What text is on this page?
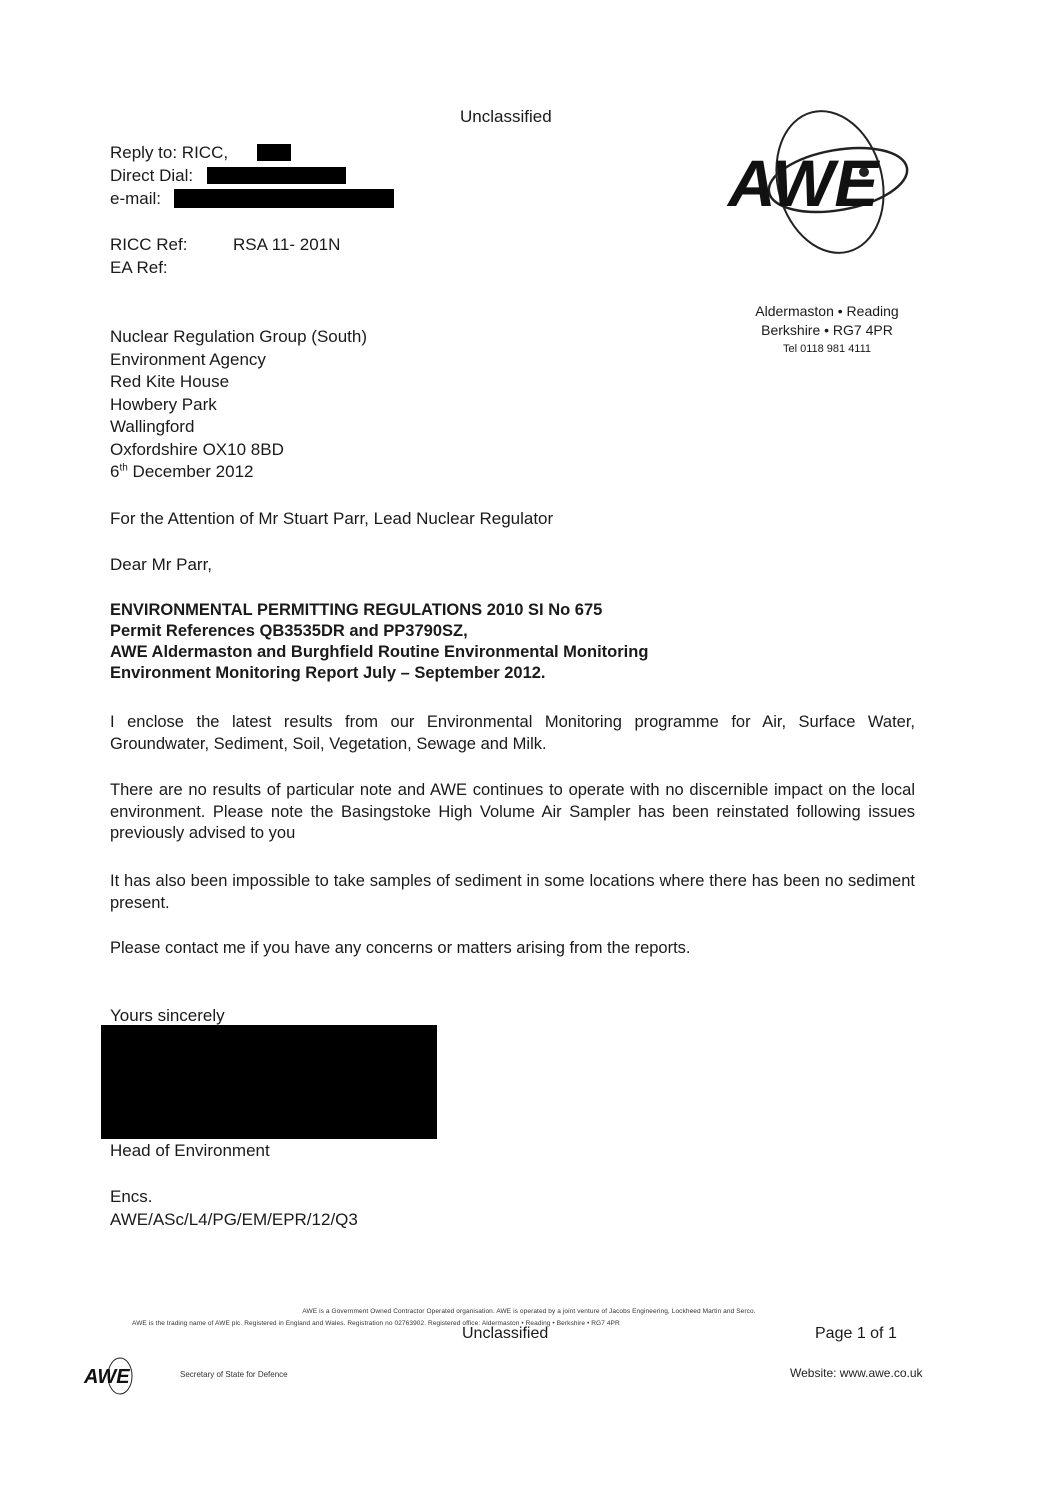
Unclassified
Reply to: RICC,
Direct Dial:
e-mail:
RICC Ref:	RSA 11- 201N
EA Ref:
AWE
Aldermaston • Reading
Berkshire • RG7 4PR
Tel 0118 981 4111
Nuclear Regulation Group (South)
Environment Agency
Red Kite House
Howbery Park
Wallingford
Oxfordshire OX10 8BD
6th December 2012
For the Attention of Mr Stuart Parr, Lead Nuclear Regulator
Dear Mr Parr,
ENVIRONMENTAL PERMITTING REGULATIONS 2010 SI No 675
Permit References QB3535DR and PP3790SZ,
AWE Aldermaston and Burghfield Routine Environmental Monitoring
Environment Monitoring Report July – September 2012.
I enclose the latest results from our Environmental Monitoring programme for Air, Surface Water, Groundwater, Sediment, Soil, Vegetation, Sewage and Milk.
There are no results of particular note and AWE continues to operate with no discernible impact on the local environment. Please note the Basingstoke High Volume Air Sampler has been reinstated following issues previously advised to you
It has also been impossible to take samples of sediment in some locations where there has been no sediment present.
Please contact me if you have any concerns or matters arising from the reports.
Yours sincerely
Head of Environment
Encs.
AWE/ASc/L4/PG/EM/EPR/12/Q3
AWE is a Government Owned Contractor Operated organisation. AWE is operated by a joint venture of Jacobs Engineering, Lockheed Martin and Serco.
AWE is the trading name of AWE plc. Registered in England and Wales. Registration no 02763902. Registered office: Aldermaston • Reading • Berkshire • RG7 4PR
Unclassified	Page 1 of 1
AWE	Secretary of State for Defence	Website: www.awe.co.uk
